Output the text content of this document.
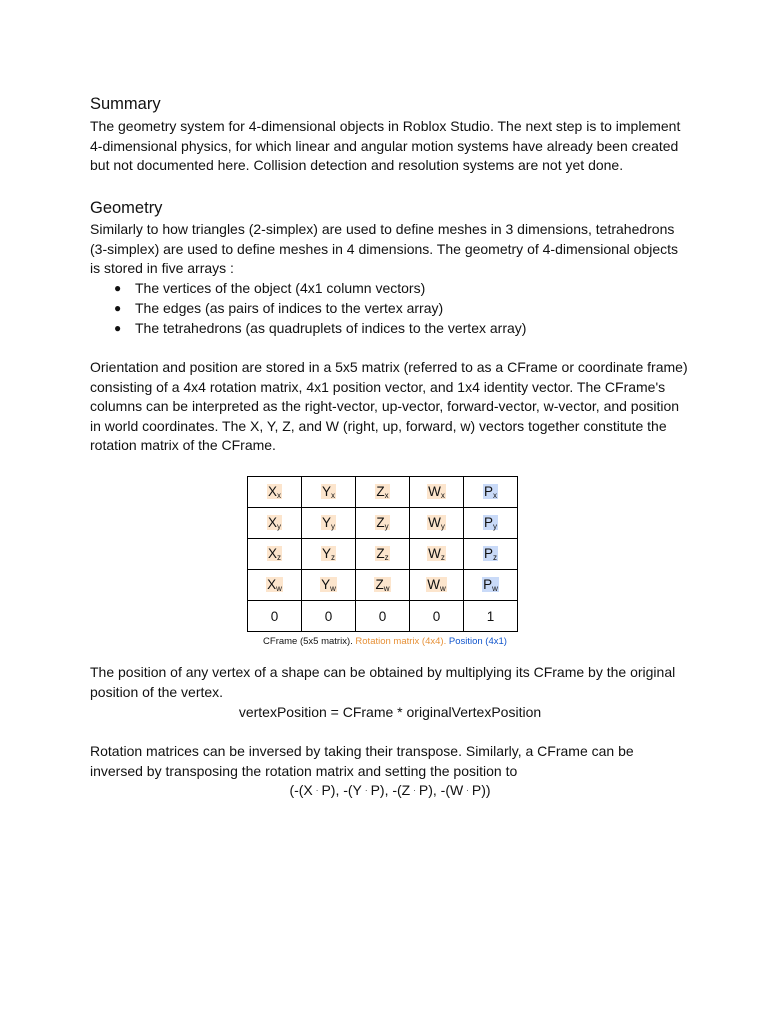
Summary

The geometry system for 4-dimensional objects in Roblox Studio. The next step is to implement 4-dimensional physics, for which linear and angular motion systems have already been created but not documented here. Collision detection and resolution systems are not yet done.

Geometry

Similarly to how triangles (2-simplex) are used to define meshes in 3 dimensions, tetrahedrons (3-simplex) are used to define meshes in 4 dimensions. The geometry of 4-dimensional objects is stored in five arrays :

● The vertices of the object (4x1 column vectors)
● The edges (as pairs of indices to the vertex array)
● The tetrahedrons (as quadruplets of indices to the vertex array)

Orientation and position are stored in a 5x5 matrix (referred to as a CFrame or coordinate frame) consisting of a 4x4 rotation matrix, 4x1 position vector, and 1x4 identity vector. The CFrame's columns can be interpreted as the right-vector, up-vector, forward-vector, w-vector, and position in world coordinates. The X, Y, Z, and W (right, up, forward, w) vectors together constitute the rotation matrix of the CFrame.

$X_x$	$Y_x$	$Z_x$	$W_x$	$P_x$
$X_y$	$Y_y$	$Z_y$	$W_y$	$P_y$
$X_z$	$Y_z$	$Z_z$	$W_z$	$P_z$
$X_w$	$Y_w$	$Z_w$	$W_w$	$P_w$
0	0	0	0	1
CFrame (5x5 matrix). Rotation matrix (4x4). Position (4x1)

The position of any vertex of a shape can be obtained by multiplying its CFrame by the original position of the vertex.

vertexPosition = CFrame * originalVertexPosition

Rotation matrices can be inversed by taking their transpose. Similarly, a CFrame can be inversed by transposing the rotation matrix and setting the position to

(-(X · P), -(Y · P), -(Z · P), -(W · P))
